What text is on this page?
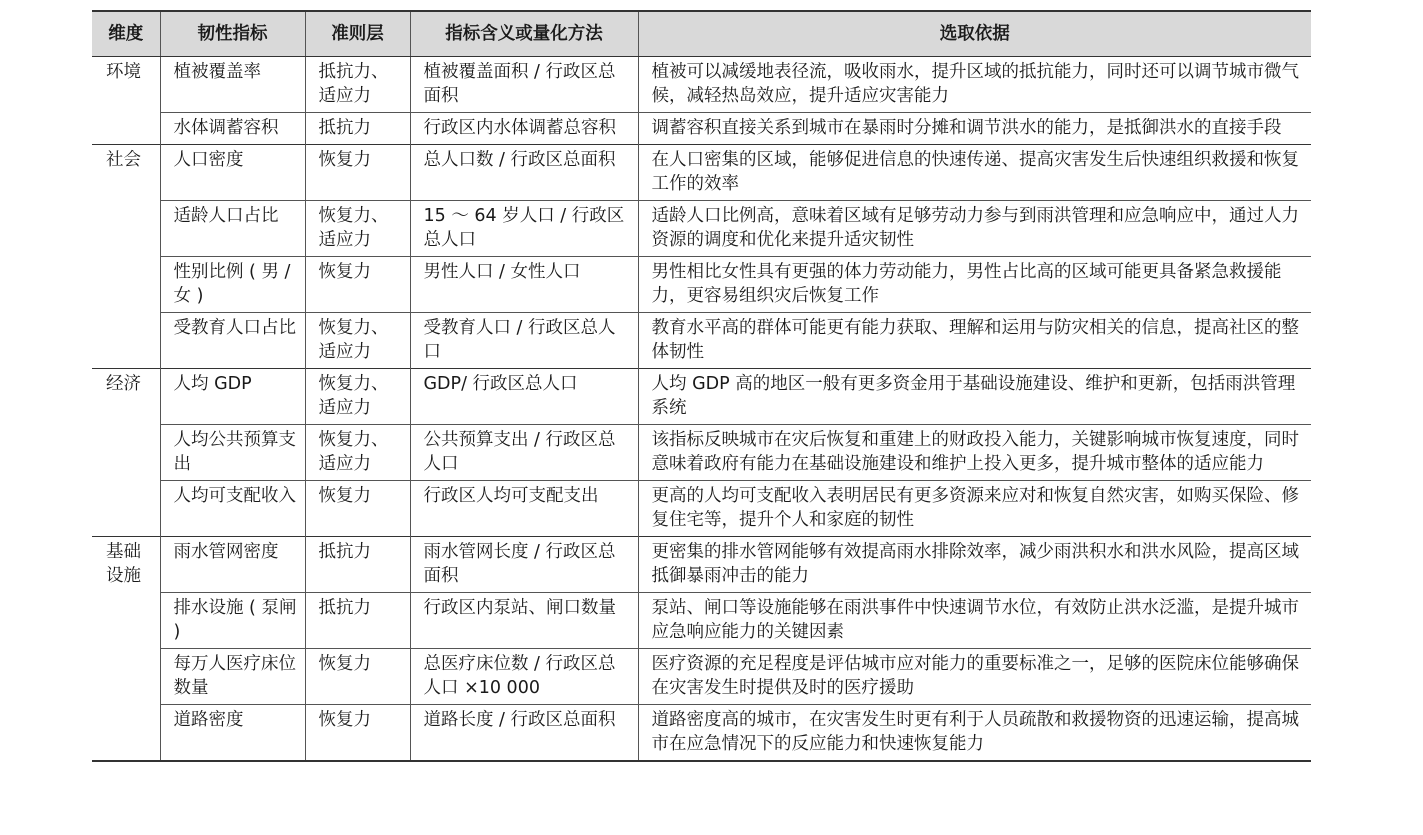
维度	韧性指标	准则层	指标含义或量化方法	选取依据
环境	植被覆盖率	抵抗力、适应力	植被覆盖面积 / 行政区总面积	植被可以减缓地表径流，吸收雨水，提升区域的抵抗能力，同时还可以调节城市微气候，减轻热岛效应，提升适应灾害能力
	水体调蓄容积	抵抗力	行政区内水体调蓄总容积	调蓄容积直接关系到城市在暴雨时分摊和调节洪水的能力，是抵御洪水的直接手段
社会	人口密度	恢复力	总人口数 / 行政区总面积	在人口密集的区域，能够促进信息的快速传递、提高灾害发生后快速组织救援和恢复工作的效率
	适龄人口占比	恢复力、适应力	15 ～ 64 岁人口 / 行政区总人口	适龄人口比例高，意味着区域有足够劳动力参与到雨洪管理和应急响应中，通过人力资源的调度和优化来提升适灾韧性
	性别比例 ( 男 / 女 )	恢复力	男性人口 / 女性人口	男性相比女性具有更强的体力劳动能力，男性占比高的区域可能更具备紧急救援能力，更容易组织灾后恢复工作
	受教育人口占比	恢复力、适应力	受教育人口 / 行政区总人口	教育水平高的群体可能更有能力获取、理解和运用与防灾相关的信息，提高社区的整体韧性
经济	人均 GDP	恢复力、适应力	GDP/ 行政区总人口	人均 GDP 高的地区一般有更多资金用于基础设施建设、维护和更新，包括雨洪管理系统
	人均公共预算支出	恢复力、适应力	公共预算支出 / 行政区总人口	该指标反映城市在灾后恢复和重建上的财政投入能力，关键影响城市恢复速度，同时意味着政府有能力在基础设施建设和维护上投入更多，提升城市整体的适应能力
	人均可支配收入	恢复力	行政区人均可支配支出	更高的人均可支配收入表明居民有更多资源来应对和恢复自然灾害，如购买保险、修复住宅等，提升个人和家庭的韧性
基础设施	雨水管网密度	抵抗力	雨水管网长度 / 行政区总面积	更密集的排水管网能够有效提高雨水排除效率，减少雨洪积水和洪水风险，提高区域抵御暴雨冲击的能力
	排水设施 ( 泵闸 )	抵抗力	行政区内泵站、闸口数量	泵站、闸口等设施能够在雨洪事件中快速调节水位，有效防止洪水泛滥，是提升城市应急响应能力的关键因素
	每万人医疗床位数量	恢复力	总医疗床位数 / 行政区总人口 ×10 000	医疗资源的充足程度是评估城市应对能力的重要标准之一，足够的医院床位能够确保在灾害发生时提供及时的医疗援助
	道路密度	恢复力	道路长度 / 行政区总面积	道路密度高的城市，在灾害发生时更有利于人员疏散和救援物资的迅速运输，提高城市在应急情况下的反应能力和快速恢复能力
